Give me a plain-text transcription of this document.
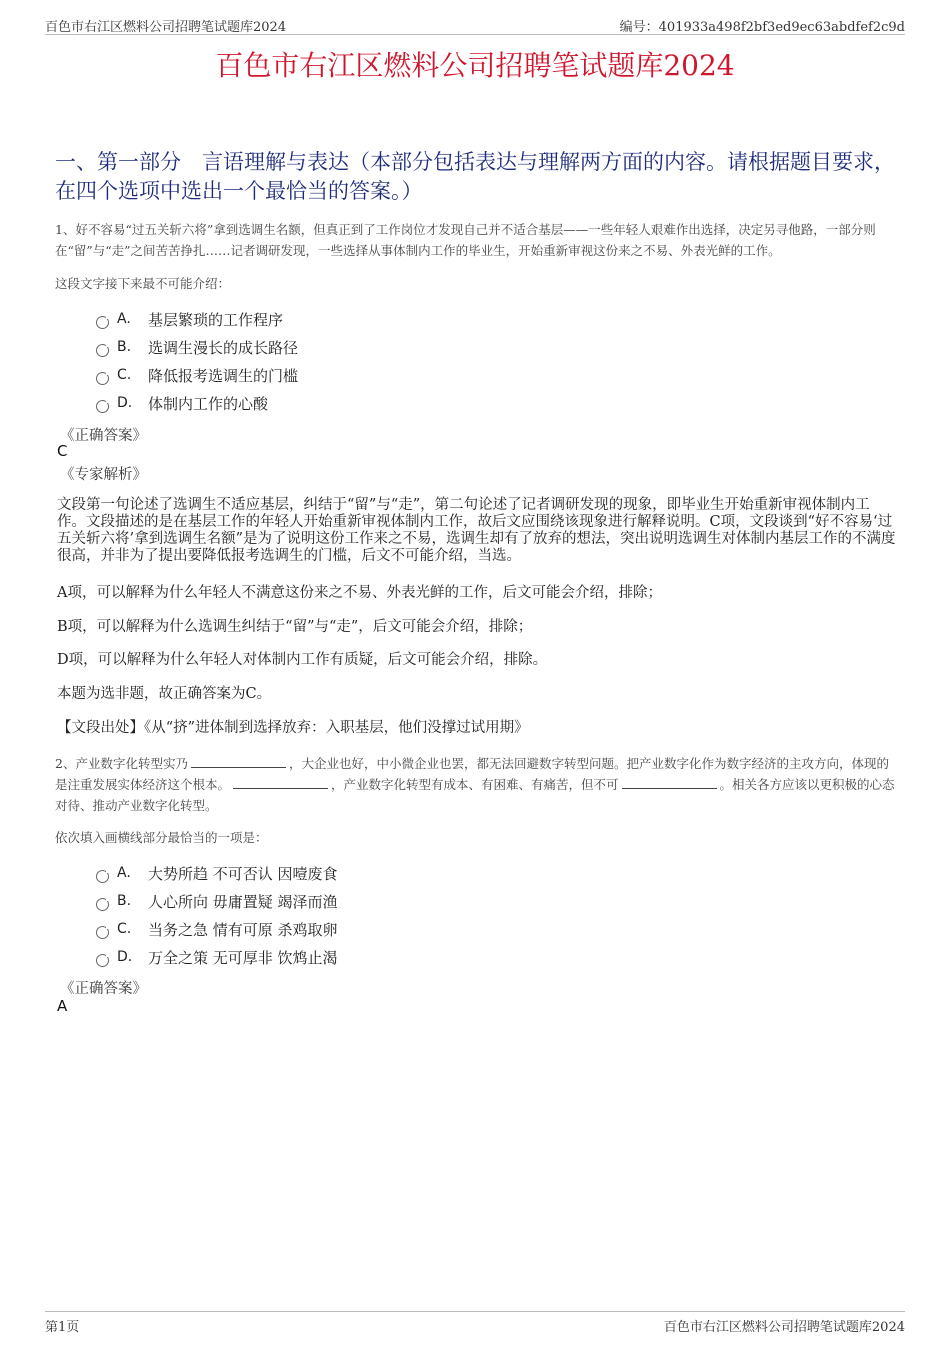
百色市右江区燃料公司招聘笔试题库2024	编号：401933a498f2bf3ed9ec63abdfef2c9d
百色市右江区燃料公司招聘笔试题库2024
一、第一部分　言语理解与表达（本部分包括表达与理解两方面的内容。请根据题目要求，在四个选项中选出一个最恰当的答案。）
1、好不容易“过五关斩六将”拿到选调生名额，但真正到了工作岗位才发现自己并不适合基层——一些年轻人艰难作出选择，决定另寻他路，一部分则在“留”与“走”之间苦苦挣扎……记者调研发现，一些选择从事体制内工作的毕业生，开始重新审视这份来之不易、外表光鲜的工作。
这段文字接下来最不可能介绍：
A.	基层繁琐的工作程序
B.	选调生漫长的成长路径
C.	降低报考选调生的门槛
D.	体制内工作的心酸
《正确答案》
C
《专家解析》
文段第一句论述了选调生不适应基层，纠结于“留”与“走”，第二句论述了记者调研发现的现象，即毕业生开始重新审视体制内工作。文段描述的是在基层工作的年轻人开始重新审视体制内工作，故后文应围绕该现象进行解释说明。C项，文段谈到“好不容易‘过五关斩六将’拿到选调生名额”是为了说明这份工作来之不易，选调生却有了放弃的想法，突出说明选调生对体制内基层工作的不满度很高，并非为了提出要降低报考选调生的门槛，后文不可能介绍，当选。
A项，可以解释为什么年轻人不满意这份来之不易、外表光鲜的工作，后文可能会介绍，排除；
B项，可以解释为什么选调生纠结于“留”与“走”，后文可能会介绍，排除；
D项，可以解释为什么年轻人对体制内工作有质疑，后文可能会介绍，排除。
本题为选非题，故正确答案为C。
【文段出处】《从“挤”进体制到选择放弃：入职基层，他们没撑过试用期》
2、产业数字化转型实乃	，大企业也好，中小微企业也罢，都无法回避数字转型问题。把产业数字化作为数字经济的主攻方向，体现的是注重发展实体经济这个根本。	，产业数字化转型有成本、有困难、有痛苦，但不可	。相关各方应该以更积极的心态对待、推动产业数字化转型。
依次填入画横线部分最恰当的一项是：
A.	大势所趋 不可否认 因噎废食
B.	人心所向 毋庸置疑 竭泽而渔
C.	当务之急 情有可原 杀鸡取卵
D.	万全之策 无可厚非 饮鸩止渴
《正确答案》
A
第1页	百色市右江区燃料公司招聘笔试题库2024
